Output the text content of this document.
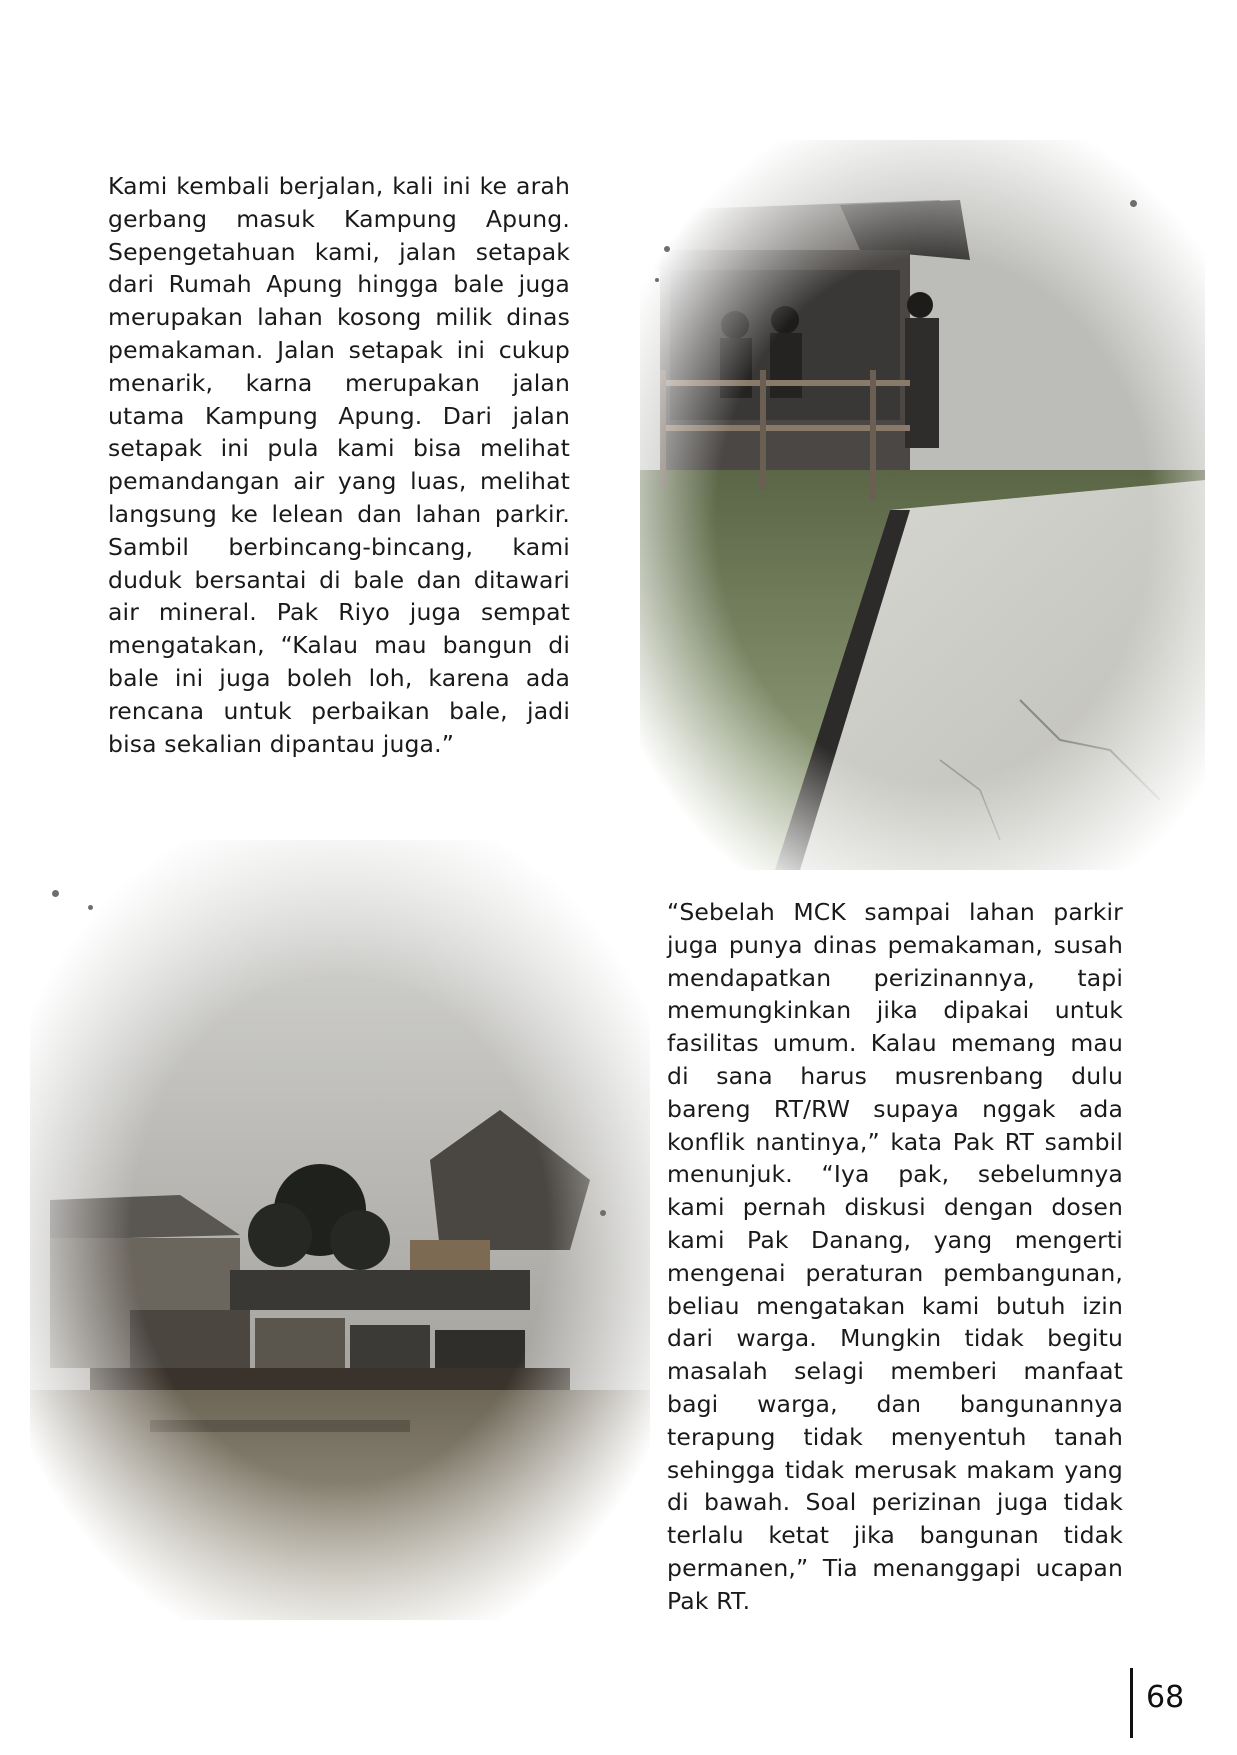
Kami kembali berjalan, kali ini ke arah gerbang masuk Kampung Apung. Sepengetahuan kami, jalan setapak dari Rumah Apung hingga bale juga merupakan lahan kosong milik dinas pemakaman. Jalan setapak ini cukup menarik, karna merupakan jalan utama Kampung Apung. Dari jalan setapak ini pula kami bisa melihat pemandangan air yang luas, melihat langsung ke lelean dan lahan parkir. Sambil berbincang-bincang, kami duduk bersantai di bale dan ditawari air mineral. Pak Riyo juga sempat mengatakan, “Kalau mau bangun di bale ini juga boleh loh, karena ada rencana untuk perbaikan bale, jadi bisa sekalian dipantau juga.”

“Sebelah MCK sampai lahan parkir juga punya dinas pemakaman, susah mendapatkan perizinannya, tapi memungkinkan jika dipakai untuk fasilitas umum. Kalau memang mau di sana harus musrenbang dulu bareng RT/RW supaya nggak ada konflik nantinya,” kata Pak RT sambil menunjuk. “Iya pak, sebelumnya kami pernah diskusi dengan dosen kami Pak Danang, yang mengerti mengenai peraturan pembangunan, beliau mengatakan kami butuh izin dari warga. Mungkin tidak begitu masalah selagi memberi manfaat bagi warga, dan bangunannya terapung tidak menyentuh tanah sehingga tidak merusak makam yang di bawah. Soal perizinan juga tidak terlalu ketat jika bangunan tidak permanen,” Tia menanggapi ucapan Pak RT.

68
